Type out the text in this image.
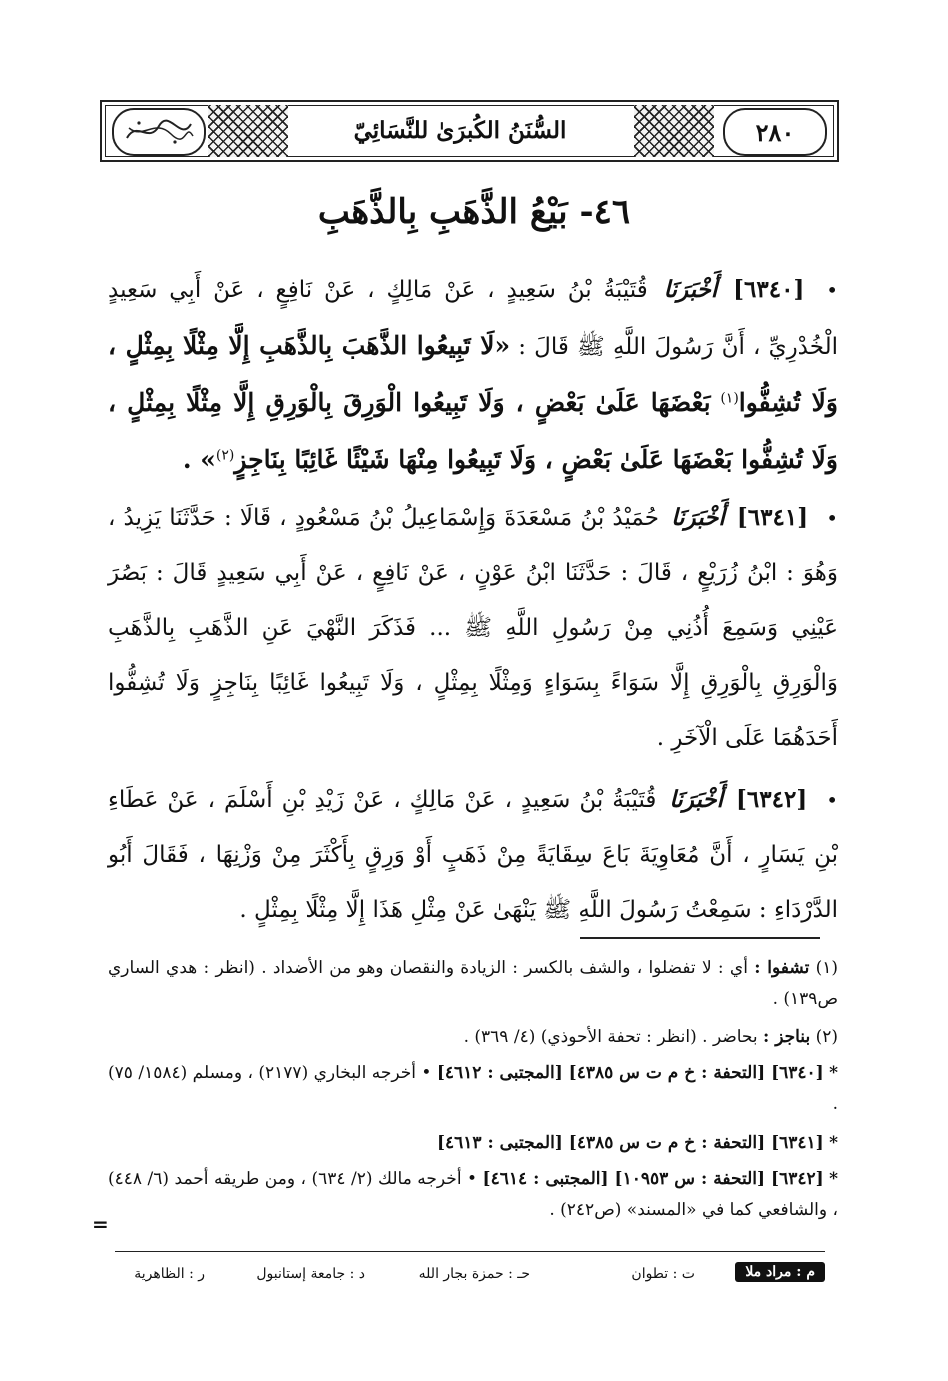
السُّنَنُ الكُبرَىٰ للنَّسَائِيّ	٢٨٠
٤٦- بَيْعُ الذَّهَبِ بِالذَّهَبِ
• [٦٣٤٠] أَخْبَرَنَا قُتَيْبَةُ بْنُ سَعِيدٍ ، عَنْ مَالِكٍ ، عَنْ نَافِعٍ ، عَنْ أَبِي سَعِيدٍ الْخُدْرِيِّ ، أَنَّ رَسُولَ اللَّهِ ﷺ قَالَ : «لَا تَبِيعُوا الذَّهَبَ بِالذَّهَبِ إِلَّا مِثْلًا بِمِثْلٍ ، وَلَا تُشِفُّوا$^{(١)}$ بَعْضَهَا عَلَىٰ بَعْضٍ ، وَلَا تَبِيعُوا الْوَرِقَ بِالْوَرِقِ إِلَّا مِثْلًا بِمِثْلٍ ، وَلَا تُشِفُّوا بَعْضَهَا عَلَىٰ بَعْضٍ ، وَلَا تَبِيعُوا مِنْهَا شَيْئًا غَائِبًا بِنَاجِزٍ$^{(٢)}$» .
• [٦٣٤١] أَخْبَرَنَا حُمَيْدُ بْنُ مَسْعَدَةَ وَإِسْمَاعِيلُ بْنُ مَسْعُودٍ ، قَالَا : حَدَّثَنَا يَزِيدُ ، وَهُوَ : ابْنُ زُرَيْعٍ ، قَالَ : حَدَّثَنَا ابْنُ عَوْنٍ ، عَنْ نَافِعٍ ، عَنْ أَبِي سَعِيدٍ قَالَ : بَصُرَ عَيْنِي وَسَمِعَ أُذُنِي مِنْ رَسُولِ اللَّهِ ﷺ ... فَذَكَرَ النَّهْيَ عَنِ الذَّهَبِ بِالذَّهَبِ وَالْوَرِقِ بِالْوَرِقِ إِلَّا سَوَاءً بِسَوَاءٍ وَمِثْلًا بِمِثْلٍ ، وَلَا تَبِيعُوا غَائِبًا بِنَاجِزٍ وَلَا تُشِفُّوا أَحَدَهُمَا عَلَى الْآخَرِ .
• [٦٣٤٢] أَخْبَرَنَا قُتَيْبَةُ بْنُ سَعِيدٍ ، عَنْ مَالِكٍ ، عَنْ زَيْدِ بْنِ أَسْلَمَ ، عَنْ عَطَاءِ بْنِ يَسَارٍ ، أَنَّ مُعَاوِيَةَ بَاعَ سِقَايَةً مِنْ ذَهَبٍ أَوْ وَرِقٍ بِأَكْثَرَ مِنْ وَزْنِهَا ، فَقَالَ أَبُو الدَّرْدَاءِ : سَمِعْتُ رَسُولَ اللَّهِ ﷺ يَنْهَىٰ عَنْ مِثْلِ هَذَا إِلَّا مِثْلًا بِمِثْلٍ .
(١) تشفوا : أي : لا تفضلوا ، والشف بالكسر : الزيادة والنقصان وهو من الأضداد . (انظر : هدي الساري ص١٣٩) .
(٢) بناجز : بحاضر . (انظر : تحفة الأحوذي) (٤/ ٣٦٩) .
* [٦٣٤٠] [التحفة : خ م ت س ٤٣٨٥] [المجتبى : ٤٦١٢] • أخرجه البخاري (٢١٧٧) ، ومسلم (١٥٨٤/ ٧٥) .
* [٦٣٤١] [التحفة : خ م ت س ٤٣٨٥] [المجتبى : ٤٦١٣]
* [٦٣٤٢] [التحفة : س ١٠٩٥٣] [المجتبى : ٤٦١٤] • أخرجه مالك (٢/ ٦٣٤) ، ومن طريقه أحمد (٦/ ٤٤٨) ، والشافعي كما في «المسند» (ص٢٤٢) .
=
م : مراد ملا
ت : تطوان
حـ : حمزة بجار الله
د : جامعة إستانبول
ر : الظاهرية
